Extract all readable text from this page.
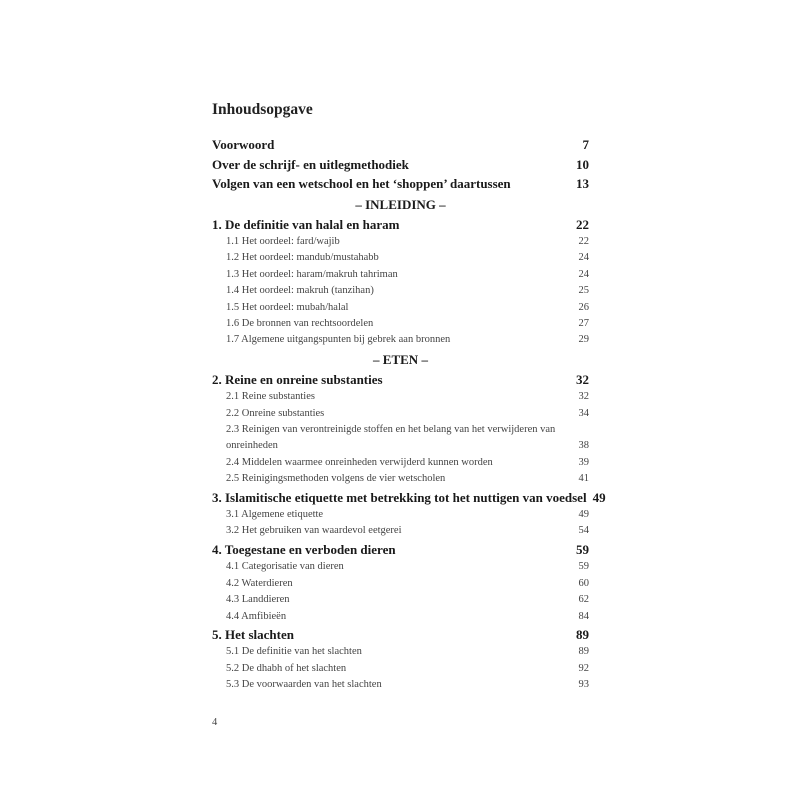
Inhoudsopgave
Voorwoord	7
Over de schrijf- en uitlegmethodiek	10
Volgen van een wetschool en het ‘shoppen’ daartussen	13
– INLEIDING –
1. De definitie van halal en haram	22
1.1 Het oordeel: fard/wajib	22
1.2 Het oordeel: mandub/mustahabb	24
1.3 Het oordeel: haram/makruh tahriman	24
1.4 Het oordeel: makruh (tanzihan)	25
1.5 Het oordeel: mubah/halal	26
1.6 De bronnen van rechtsoordelen	27
1.7 Algemene uitgangspunten bij gebrek aan bronnen	29
– ETEN –
2. Reine en onreine substanties	32
2.1 Reine substanties	32
2.2 Onreine substanties	34
2.3 Reinigen van verontreinigde stoffen en het belang van het verwijderen van
onreinheden	38
2.4 Middelen waarmee onreinheden verwijderd kunnen worden	39
2.5 Reinigingsmethoden volgens de vier wetscholen	41
3. Islamitische etiquette met betrekking tot het nuttigen van voedsel 49
3.1 Algemene etiquette	49
3.2 Het gebruiken van waardevol eetgerei	54
4. Toegestane en verboden dieren	59
4.1 Categorisatie van dieren	59
4.2 Waterdieren	60
4.3 Landdieren	62
4.4 Amfibieën	84
5. Het slachten	89
5.1 De definitie van het slachten	89
5.2 De dhabh of het slachten	92
5.3 De voorwaarden van het slachten	93
4
